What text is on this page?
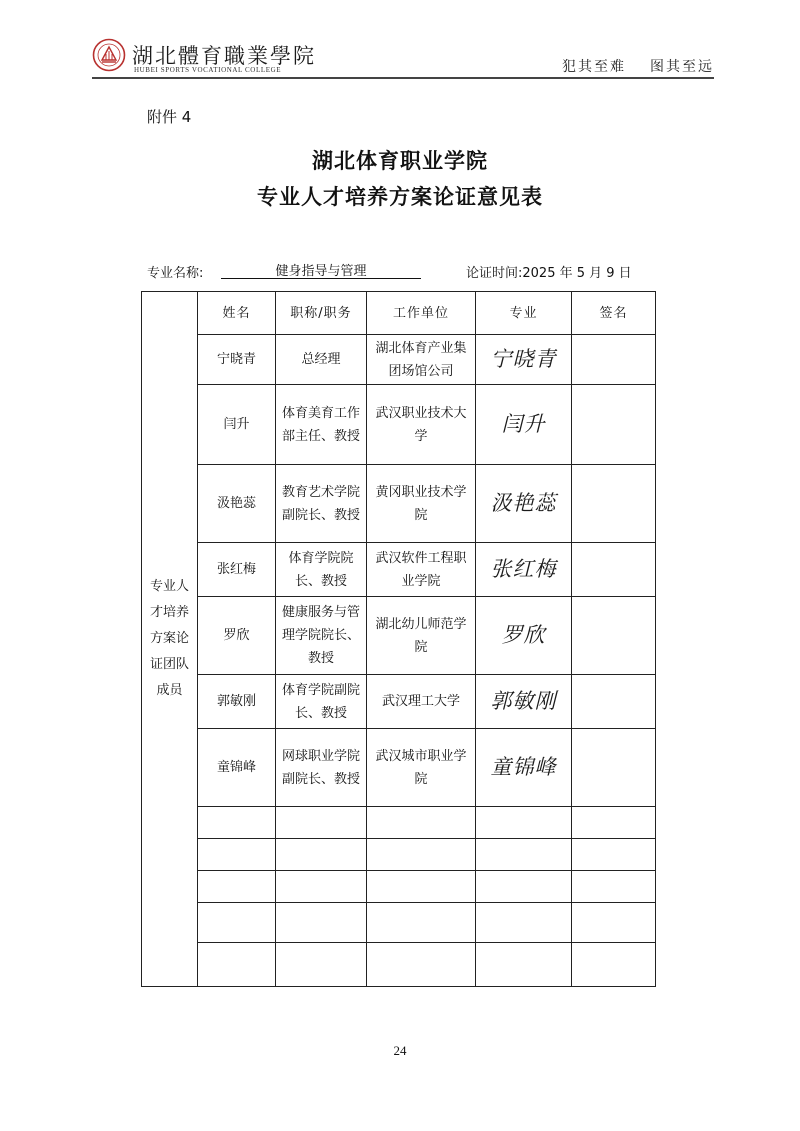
湖北體育職業學院
HUBEI SPORTS VOCATIONAL COLLEGE	犯其至难 图其至远
附件 4
湖北体育职业学院
专业人才培养方案论证意见表
专业名称:	健身指导与管理	论证时间:2025 年 5 月 9 日
专业人才培养方案论证团队成员	姓名	职称/职务	工作单位	专业	签名
	宁晓青	总经理	湖北体育产业集团场馆公司	宁晓青	
	闫升	体育美育工作部主任、教授	武汉职业技术大学	闫升	
	汲艳蕊	教育艺术学院副院长、教授	黄冈职业技术学院	汲艳蕊	
	张红梅	体育学院院长、教授	武汉软件工程职业学院	张红梅	
	罗欣	健康服务与管理学院院长、教授	湖北幼儿师范学院	罗欣	
	郭敏刚	体育学院副院长、教授	武汉理工大学	郭敏刚	
	童锦峰	网球职业学院副院长、教授	武汉城市职业学院	童锦峰	

24
